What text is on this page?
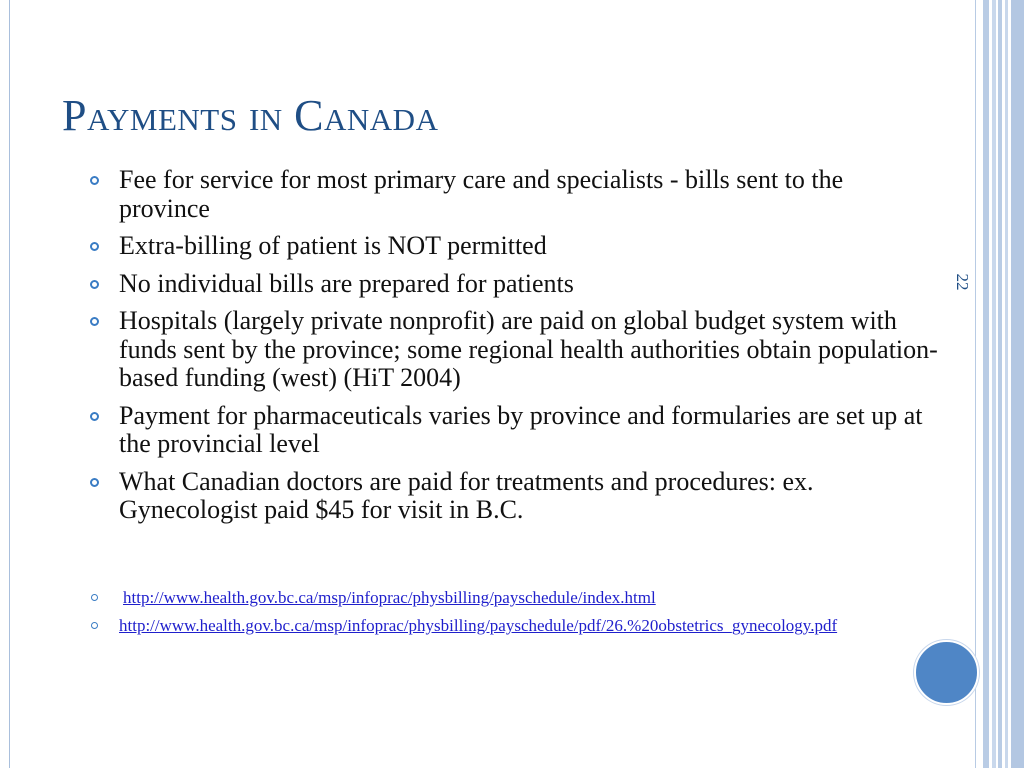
Payments in Canada
22
Fee for service for most primary care and specialists - bills sent to the province
Extra-billing of patient is NOT permitted
No individual bills are prepared for patients
Hospitals (largely private nonprofit) are paid on global budget system with funds sent by the province; some regional health authorities obtain population-based funding (west) (HiT 2004)
Payment for pharmaceuticals varies by province and formularies are set up at the provincial level
What Canadian doctors are paid for treatments and procedures: ex. Gynecologist paid $45 for visit in B.C.
http://www.health.gov.bc.ca/msp/infoprac/physbilling/payschedule/index.html
http://www.health.gov.bc.ca/msp/infoprac/physbilling/payschedule/pdf/26.%20obstetrics_gynecology.pdf
